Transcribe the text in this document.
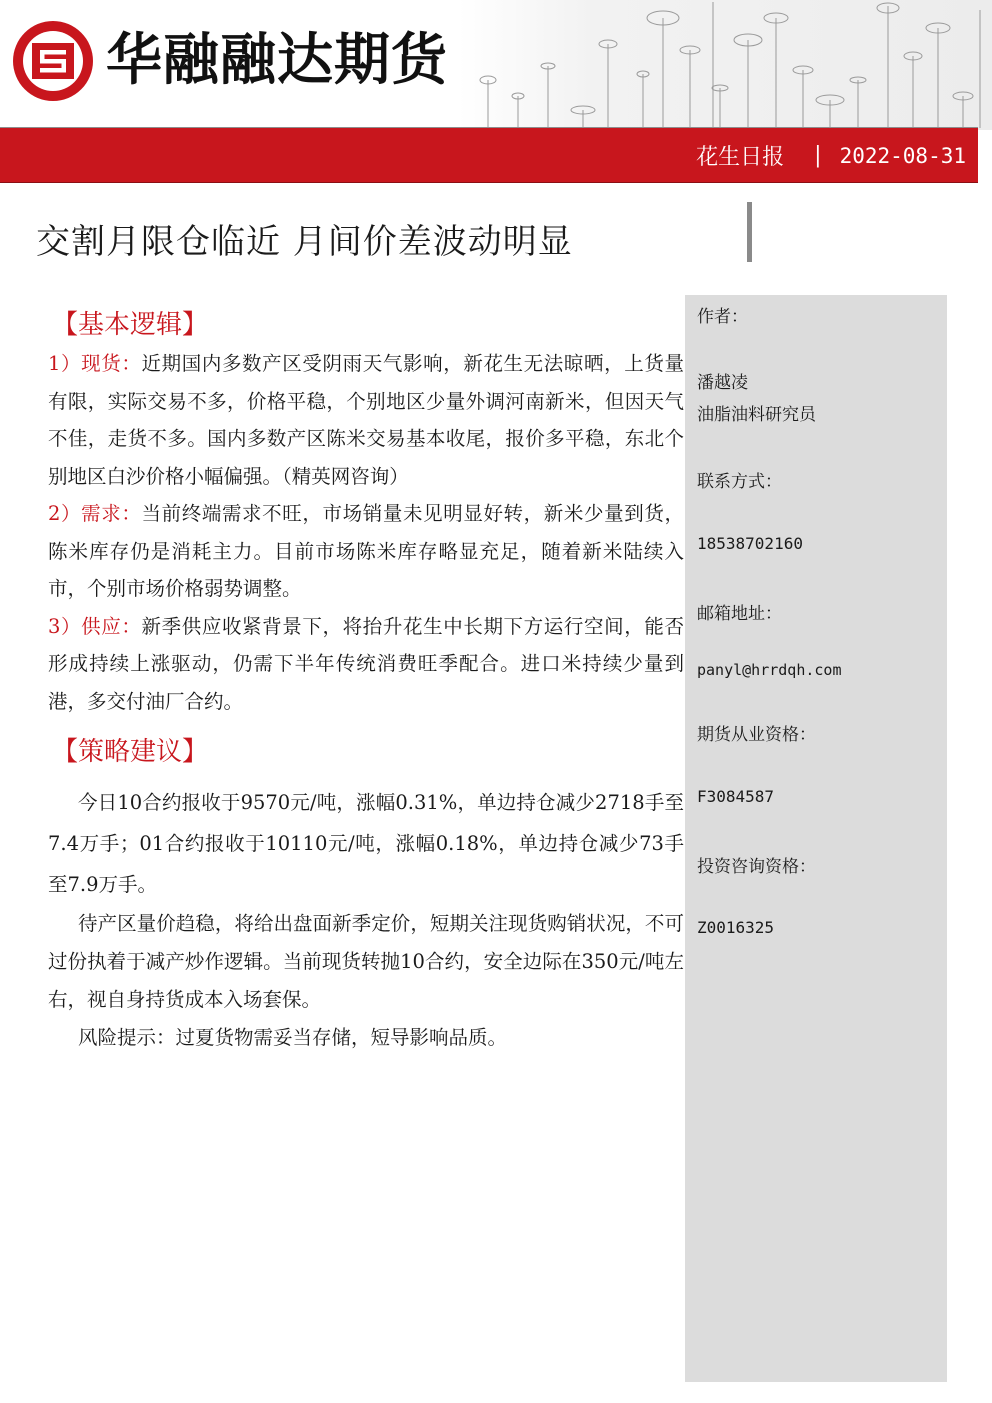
华融融达期货
花生日报 | 2022-08-31
交割月限仓临近 月间价差波动明显
作者：
潘越凌
油脂油料研究员
联系方式：
18538702160
邮箱地址：
panyl@hrrdqh.com
期货从业资格：
F3084587
投资咨询资格：
Z0016325
【基本逻辑】

1）现货：近期国内多数产区受阴雨天气影响，新花生无法晾晒，上货量有限，实际交易不多，价格平稳，个别地区少量外调河南新米，但因天气不佳，走货不多。国内多数产区陈米交易基本收尾，报价多平稳，东北个别地区白沙价格小幅偏强。（精英网咨询）

2）需求：当前终端需求不旺，市场销量未见明显好转，新米少量到货，陈米库存仍是消耗主力。目前市场陈米库存略显充足，随着新米陆续入市，个别市场价格弱势调整。

3）供应：新季供应收紧背景下，将抬升花生中长期下方运行空间，能否形成持续上涨驱动，仍需下半年传统消费旺季配合。进口米持续少量到港，多交付油厂合约。

【策略建议】

今日10合约报收于9570元/吨，涨幅0.31%，单边持仓减少2718手至7.4万手；01合约报收于10110元/吨，涨幅0.18%，单边持仓减少73手至7.9万手。

待产区量价趋稳，将给出盘面新季定价，短期关注现货购销状况，不可过份执着于减产炒作逻辑。当前现货转抛10合约，安全边际在350元/吨左右，视自身持货成本入场套保。

风险提示：过夏货物需妥当存储，短导影响品质。
